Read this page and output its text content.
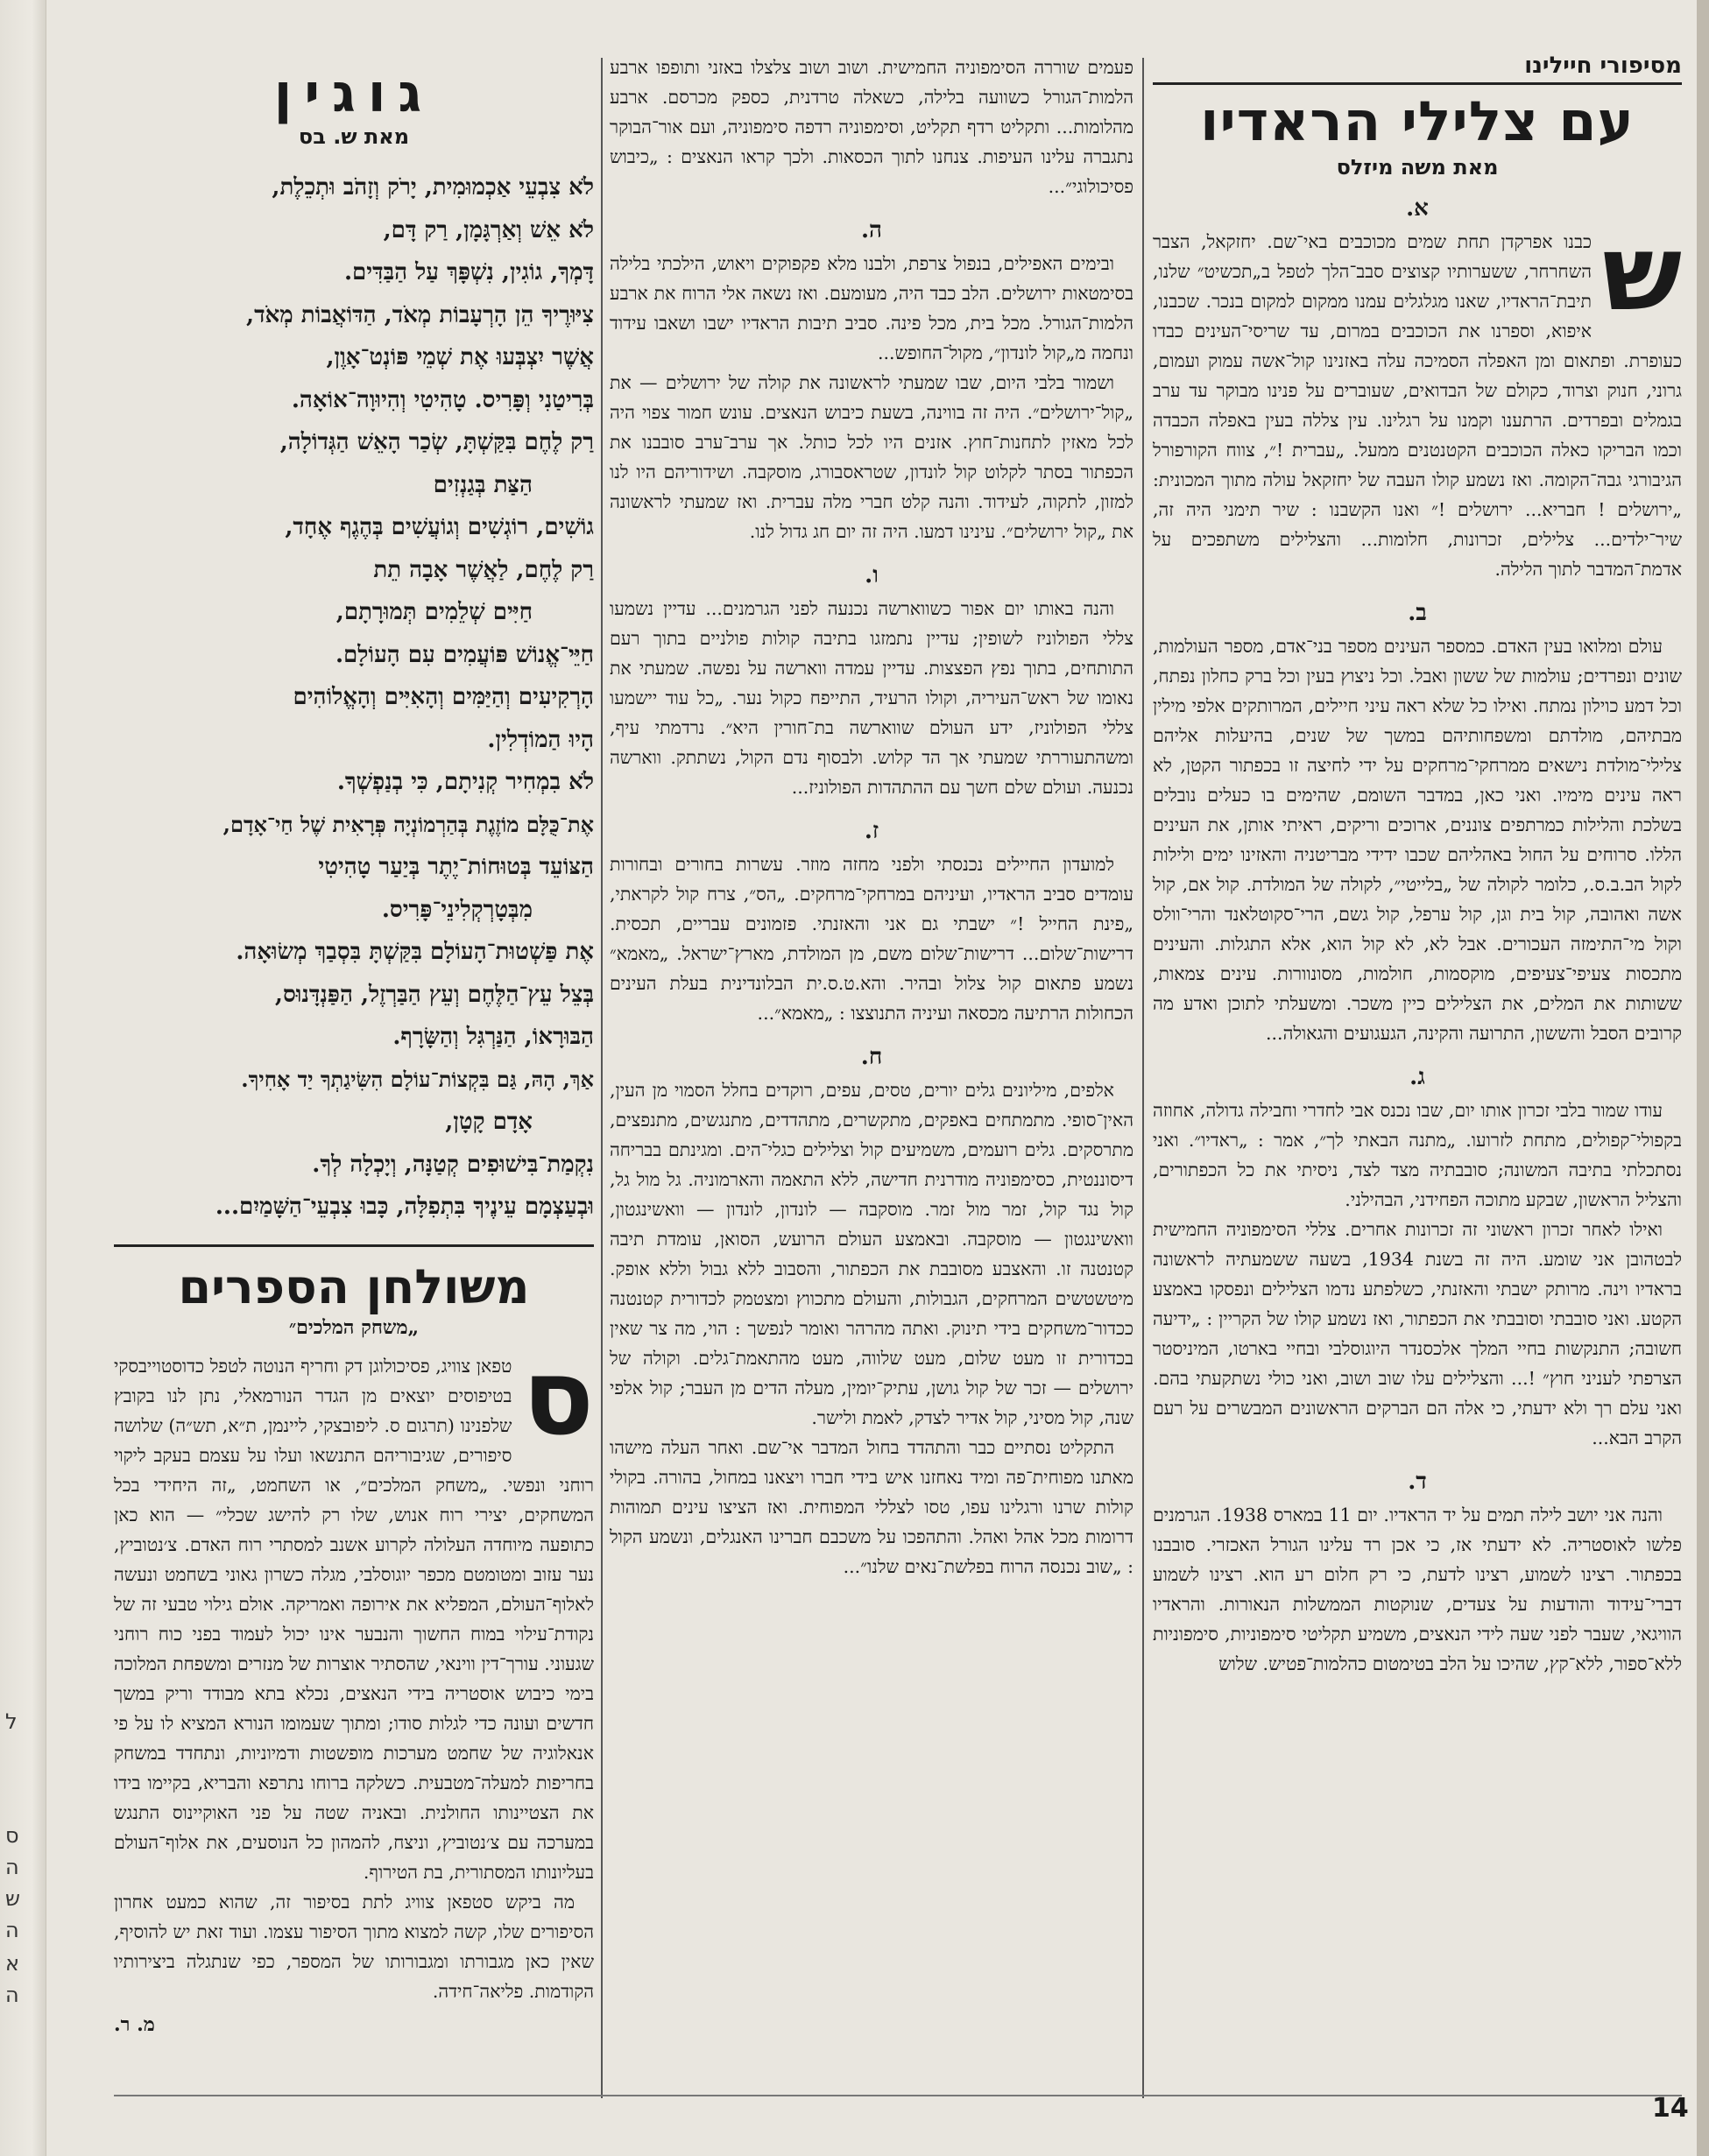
ל
ס
ה
ש
ה
א
ה
מסיפורי חיילינו
עם צלילי הראדיו
מאת משה מיזלס
א.
ש

כבנו אפרקדן תחת שמים מכוכבים באי־שם. יחזקאל, הצבר השחרחר, ששערותיו קצוצים סבב־הלך לטפל ב„תכשיט״ שלנו, תיבת־הראדיו, שאנו מגלגלים עמנו ממקום למקום בנכר. שכבנו, איפוא, וספרנו את הכוכבים במרום, עד שריסי־העינים כבדו כעופרת. ופתאום ומן האפלה הסמיכה עלה באזנינו קול־אשה עמוק ועמום, גרוני, חנוק וצרוד, כקולם של הבדואים, שעוברים על פנינו מבוקר עד ערב בגמלים ובפרדים. הרתענו וקמנו על רגלינו. עין צללה בעין באפלה הכבדה וכמו הבריקו כאלה הכוכבים הקטנטנים ממעל. „עברית !״, צווח הקורפורל הגיבורגי גבה־הקומה. ואז נשמע קולו העבה של יחזקאל עולה מתוך המכונית: „ירושלים ! חבריא... ירושלים !״ ואנו הקשבנו : שיר תימני היה זה, שיר־ילדים... צלילים, זכרונות, חלומות... והצלילים משתפכים על אדמת־המדבר לתוך הלילה.

ב.

עולם ומלואו בעין האדם. כמספר העינים מספר בני־אדם, מספר העולמות, שונים ונפרדים; עולמות של ששון ואבל. וכל ניצוץ בעין וכל ברק כחלון נפתח, וכל דמע כוילון נמתח. ואילו כל שלא ראה עיני חיילים, המרותקים אלפי מילין מבתיהם, מולדתם ומשפחותיהם במשך של שנים, בהיעלות אליהם צלילי־מולדת נישאים ממרחקי־מרחקים על ידי לחיצה זו בכפתור הקטן, לא ראה עינים מימיו. ואני כאן, במדבר השומם, שהימים בו כעלים נובלים בשלכת והלילות כמרתפים צוננים, ארוכים וריקים, ראיתי אותן, את העינים הללו. סרוחים על החול באהליהם שכבו ידידי מבריטניה והאזינו ימים ולילות לקול הב.ב.ס., כלומר לקולה של „בלייטי״, לקולה של המולדת. קול אם, קול אשה ואהובה, קול בית וגן, קול ערפל, קול גשם, הרי־סקוטלאנד והרי־וולס וקול מי־התימזה העכורים. אבל לא, לא קול הוא, אלא התגלות. והעינים מתכסות צעיפי־צעיפים, מוקסמות, חולמות, מסונוורות. עינים צמאות, ששותות את המלים, את הצלילים כיין משכר. ומשעלתי לתוכן ואדע מה קרובים הסבל והששון, התרועה והקינה, הגעגועים והגאולה...

ג.

עודו שמור בלבי זכרון אותו יום, שבו נכנס אבי לחדרי וחבילה גדולה, אחוזה בקפולי־קפולים, מתחת לזרועו. „מתנה הבאתי לך״, אמר : „ראדיו״. ואני נסתכלתי בתיבה המשונה; סובבתיה מצד לצד, ניסיתי את כל הכפתורים, והצליל הראשון, שבקע מתוכה הפחידני, הבהילני.

ואילו לאחר זכרון ראשוני זה זכרונות אחרים. צללי הסימפוניה החמישית לבטהובן אני שומע. היה זה בשנת 1934, בשעה ששמעתיה לראשונה בראדיו וינה. מרותק ישבתי והאזנתי, כשלפתע נדמו הצלילים ונפסקו באמצע הקטע. ואני סובבתי וסובבתי את הכפתור, ואז נשמע קולו של הקריין : „ידיעה חשובה; התנקשות בחיי המלך אלכסנדר היוגוסלבי ובחיי בארטו, המיניסטר הצרפתי לעניני חוץ״ !... והצלילים עלו שוב ושוב, ואני כולי נשתקעתי בהם. ואני עלם רך ולא ידעתי, כי אלה הם הברקים הראשונים המבשרים על רעם הקרב הבא...

ד.

והנה אני יושב לילה תמים על יד הראדיו. יום 11 במארס 1938. הגרמנים פלשו לאוסטריה. לא ידעתי אז, כי אכן רד עלינו הגורל האכזרי. סובבנו בכפתור. רצינו לשמוע, רצינו לדעת, כי רק חלום רע הוא. רצינו לשמוע דברי־עידוד והודעות על צעדים, שנוקטות הממשלות הנאורות. והראדיו הוויגאי, שעבר לפני שעה לידי הנאצים, משמיע תקליטי סימפוניות, סימפוניות ללא־ספור, ללא־קץ, שהיכו על הלב בטימטום כהלמות־פטיש. שלוש

פעמים שוררה הסימפוניה החמישית. ושוב ושוב צלצלו באזני ותופפו ארבע הלמות־הגורל כשוועה בלילה, כשאלה טרדנית, כספק מכרסם. ארבע מהלומות... ותקליט רדף תקליט, וסימפוניה רדפה סימפוניה, ועם אור־הבוקר נתגברה עלינו העיפות. צנחנו לתוך הכסאות. ולכך קראו הנאצים : „כיבוש פסיכולוגי״...

ה.

ובימים האפילים, בנפול צרפת, ולבנו מלא פקפוקים ויאוש, הילכתי בלילה בסימטאות ירושלים. הלב כבד היה, מעומעם. ואז נשאה אלי הרוח את ארבע הלמות־הגורל. מכל בית, מכל פינה. סביב תיבות הראדיו ישבו ושאבו עידוד ונחמה מ„קול לונדון״, מקול־החופש...

ושמור בלבי היום, שבו שמעתי לראשונה את קולה של ירושלים — את „קול־ירושלים״. היה זה בווינה, בשעת כיבוש הנאצים. עונש חמור צפוי היה לכל מאזין לתחנות־חוץ. אזנים היו לכל כותל. אך ערב־ערב סובבנו את הכפתור בסתר לקלוט קול לונדון, שטראסבורג, מוסקבה. ושידוריהם היו לנו למזון, לתקוה, לעידוד. והנה קלט חברי מלה עברית. ואז שמעתי לראשונה את „קול ירושלים״. עינינו דמעו. היה זה יום חג גדול לנו.

ו.

והנה באותו יום אפור כשווארשה נכנעה לפני הגרמנים... עדיין נשמעו צללי הפולוניז לשופין; עדיין נתמזגו בתיבה קולות פולניים בתוך רעם התותחים, בתוך נפץ הפצצות. עדיין עמדה ווארשה על נפשה. שמעתי את נאומו של ראש־העיריה, וקולו הרעיד, התייפח כקול נער. „כל עוד יישמעו צללי הפולוניז, ידע העולם שווארשה בת־חורין היא״. נרדמתי עיף, ומשהתעוררתי שמעתי אך הד קלוש. ולבסוף נדם הקול, נשתתק. ווארשה נכנעה. ועולם שלם חשך עם ההתהדות הפולוניז...

ז.

למועדון החיילים נכנסתי ולפני מחזה מוזר. עשרות בחורים ובחורות עומדים סביב הראדיו, ועיניהם במרחקי־מרחקים. „הס״, צרח קול לקראתי, „פינת החייל !״ ישבתי גם אני והאזנתי. פזמונים עבריים, תכסית. דרישות־שלום... דרישות־שלום משם, מן המולדת, מארץ־ישראל. „מאמא״ נשמע פתאום קול צלול ובהיר. והא.ט.ס.ית הבלונדינית בעלת העינים הכחולות הרתיעה מכסאה ועיניה התנוצצו : „מאמא״...

ח.

אלפים, מיליונים גלים יורים, טסים, עפים, רוקדים בחלל הסמוי מן העין, האין־סופי. מתמתחים באפקים, מתקשרים, מתהדדים, מתנגשים, מתנפצים, מתרסקים. גלים רועמים, משמיעים קול וצלילים כגלי־הים. ומגינתם בבריחה דיסוננטית, כסימפוניה מודרנית חדישה, ללא התאמה והארמוניה. גל מול גל, קול נגד קול, זמר מול זמר. מוסקבה — לונדון, לונדון — וואשינגטון, וואשינגטון — מוסקבה. ובאמצע העולם הרועש, הסואן, עומדת תיבה קטנטנה זו. והאצבע מסובבת את הכפתור, והסבוב ללא גבול וללא אופק. מיטשטשים המרחקים, הגבולות, והעולם מתכווץ ומצטמק לכדורית קטנטנה ככדור־משחקים בידי תינוק. ואתה מהרהר ואומר לנפשך : הוי, מה צר שאין בכדורית זו מעט שלום, מעט שלווה, מעט מהתאמת־גלים. וקולה של ירושלים — זכר של קול גושן, עתיק־יומין, מעלה הדים מן העבר; קול אלפי שנה, קול מסיני, קול אדיר לצדק, לאמת ולישר.

התקליט נסתיים כבר והתהדד בחול המדבר אי־שם. ואחר העלה מישהו מאתנו מפוחית־פה ומיד נאחזנו איש בידי חברו ויצאנו במחול, בהורה. בקולי קולות שרנו ורגלינו עפו, טסו לצללי המפוחית. ואז הציצו עינים תמוהות דרומות מכל אהל ואהל. והתהפכו על משכבם חברינו האנגלים, ונשמע הקול : „שוב נכנסה הרוח בפלשת־נאים שלנו״...

גוגין
מאת ש. בס

לֹא צִבְעֵי אַכְמוּמִית, יָרֹק וְזָהֹב וּתְכֵלֶת,

לֹא אֵשׁ וְאַרְגָּמָן, רַק דָּם,

דָּמְךָ, גוֹגִין, נִשְׁפָּךְ עַל הַבַּדִּים.

צִיּוּרֶיךָ הֵן הָרְעָבוֹת מְאֹד, הַדּוֹאֲבוֹת מְאֹד,

אֲשֶׁר יִצְבְּעוּ אֶת שְׁמֵי פּוֹנְט־אָוֶן,

בְּרִיטַנִי וְפָּרִיס. טָהִיטִי וְהִיוּוָה־אוֹאָה.

רַק לֶחֶם בִּקַּשְׁתָּ, שְׂכַר הָאֵשׁ הַגְּדוֹלָה,

הַצַּת בְּגַנְזִים

גוֹשִׁים, רוֹגְשִׁים וְגוֹעֲשִׁים בְּהֶגֶף אֶחָד,

רַק לֶחֶם, לַאֲשֶׁר אָבָה תֵת

חַיִּים שְׁלֵמִים תְּמוּרָתָם,

חַיֵּי־אֱנוֹשׁ פּוֹעֲמִים עִם הָעוֹלָם.

הָרְקִיעִים וְהַיַּמִּים וְהָאִיִּים וְהָאֱלוֹהִים

הָיוּ הַמוֹדְלִין.

לֹא בִמְחִיר קְנִיתָם, כִּי בְנַפְשְׁךָ.

אֶת־כֻּלָּם מוֹזֶגֶת בְּהַרְמוֹנְיָה פְּרָאִית שֶׁל חַי־אָדָם,

הַצּוֹעֵד בְּטוּחוֹת־יֶתֶר בְּיַעַר טָהִיטִי

מִבְּטָרְקְלִינֵי־פָּרִיס.

אֶת פַּשְׁטוּת־הָעוֹלָם בִּקַּשְׁתָּ בִּסְבַךְ מְשׂוּאָה.

בְּצֵל עֵץ־הַלֶּחֶם וְעֵץ הַבַּרְזֶל, הַפַּנְדָּנוּס,

הַבּוּרָאוֹ, הַנַּרְגִּל וְהַשָּׂרָף.

אַךְ, הָהּ, גַּם בִּקְצוֹת־עוֹלָם הִשִּׂיגַתְךָ יַד אָחִיךָ.

אָדָם קָטָן,

נִקְמַת־בִּישׁוּפִים קְטַנָּה, וְיָכְלָה לְךָ.

וּבְעַצְמָם עֵינֶיךָ בִּתְפִלָּה, כָּבוּ צִבְעֵי־הַשָּׁמַיִם...

משולחן הספרים
„משחק המלכים״
ס

טפאן צוויג, פסיכולוגן דק וחריף הנוטה לטפל כדוסטוייבסקי בטיפוסים יוצאים מן הגדר הנורמאלי, נתן לנו בקובץ שלפנינו (תרגום ס. ליפובצקי, ליינמן, ת״א, תש״ה) שלושה סיפורים, שגיבוריהם התנשאו ועלו על עצמם בעקב ליקוי רוחני ונפשי. „משחק המלכים״, או השחמט, „זה היחידי בכל המשחקים, יצירי רוח אנוש, שלו רק להישג שכלי״ — הוא כאן כתופעה מיוחדה העלולה לקרוע אשנב למסתרי רוח האדם. צ׳נטוביץ, נער עזוב ומטומטם מכפר יוגוסלבי, מגלה כשרון גאוני בשחמט ונעשה לאלוף־העולם, המפליא את אירופה ואמריקה. אולם גילוי טבעי זה של נקודת־עילוי במוח החשוך והנבער אינו יכול לעמוד בפני כוח רוחני שגעוני. עורך־דין ווינאי, שהסתיר אוצרות של מנזרים ומשפחת המלוכה בימי כיבוש אוסטריה בידי הנאצים, נכלא בתא מבודד וריק במשך חדשים ועונה כדי לגלות סודו; ומתוך שעמומו הנורא המציא לו על פי אנאלוגיה של שחמט מערכות מופשטות ודמיוניות, ונתחדד במשחק בחריפות למעלה־מטבעית. כשלקה ברוחו נתרפא והבריא, בקיימו בידו את הצטיינותו החולנית. ובאניה שטה על פני האוקיינוס התנגש במערכה עם צ׳נטוביץ, וניצח, להמהון כל הנוסעים, את אלוף־העולם בעליונותו המסתורית, בת הטירוף.

מה ביקש סטפאן צוויג לתת בסיפור זה, שהוא כמעט אחרון הסיפורים שלו, קשה למצוא מתוך הסיפור עצמו. ועוד זאת יש להוסיף, שאין כאן מגבורתו ומגבורותו של המספר, כפי שנתגלה ביצירותיו הקודמות. פליאה־חידה.

מ. ר.
14
